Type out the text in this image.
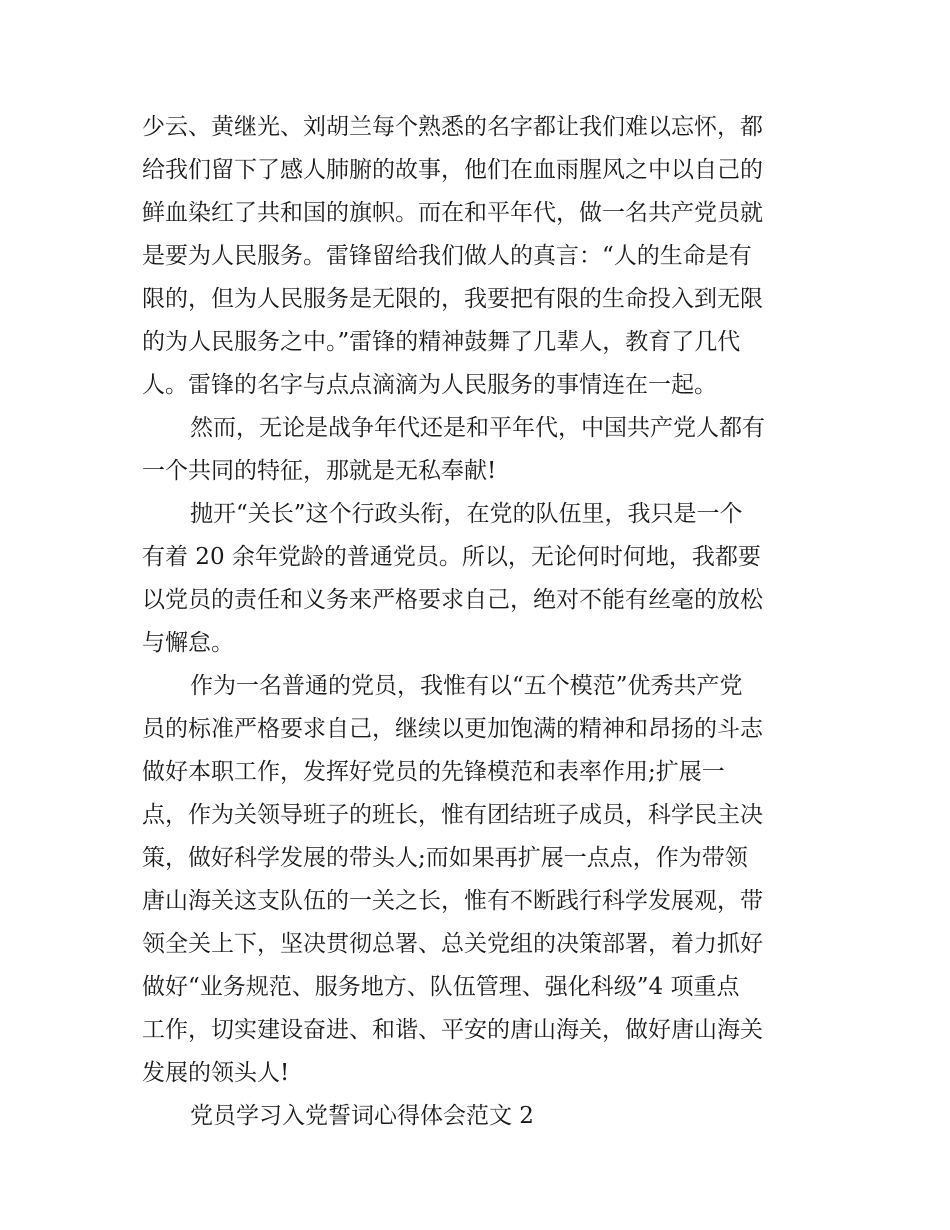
少云、黄继光、刘胡兰每个熟悉的名字都让我们难以忘怀，都
给我们留下了感人肺腑的故事，他们在血雨腥风之中以自己的
鲜血染红了共和国的旗帜。而在和平年代，做一名共产党员就
是要为人民服务。雷锋留给我们做人的真言：“人的生命是有
限的，但为人民服务是无限的，我要把有限的生命投入到无限
的为人民服务之中。”雷锋的精神鼓舞了几辈人，教育了几代
人。雷锋的名字与点点滴滴为人民服务的事情连在一起。
然而，无论是战争年代还是和平年代，中国共产党人都有
一个共同的特征，那就是无私奉献!
抛开“关长”这个行政头衔，在党的队伍里，我只是一个
有着 20 余年党龄的普通党员。所以，无论何时何地，我都要
以党员的责任和义务来严格要求自己，绝对不能有丝毫的放松
与懈怠。
作为一名普通的党员，我惟有以“五个模范”优秀共产党
员的标准严格要求自己，继续以更加饱满的精神和昂扬的斗志
做好本职工作，发挥好党员的先锋模范和表率作用;扩展一
点，作为关领导班子的班长，惟有团结班子成员，科学民主决
策，做好科学发展的带头人;而如果再扩展一点点，作为带领
唐山海关这支队伍的一关之长，惟有不断践行科学发展观，带
领全关上下，坚决贯彻总署、总关党组的决策部署，着力抓好
做好“业务规范、服务地方、队伍管理、强化科级”4 项重点
工作，切实建设奋进、和谐、平安的唐山海关，做好唐山海关
发展的领头人!
党员学习入党誓词心得体会范文 2
